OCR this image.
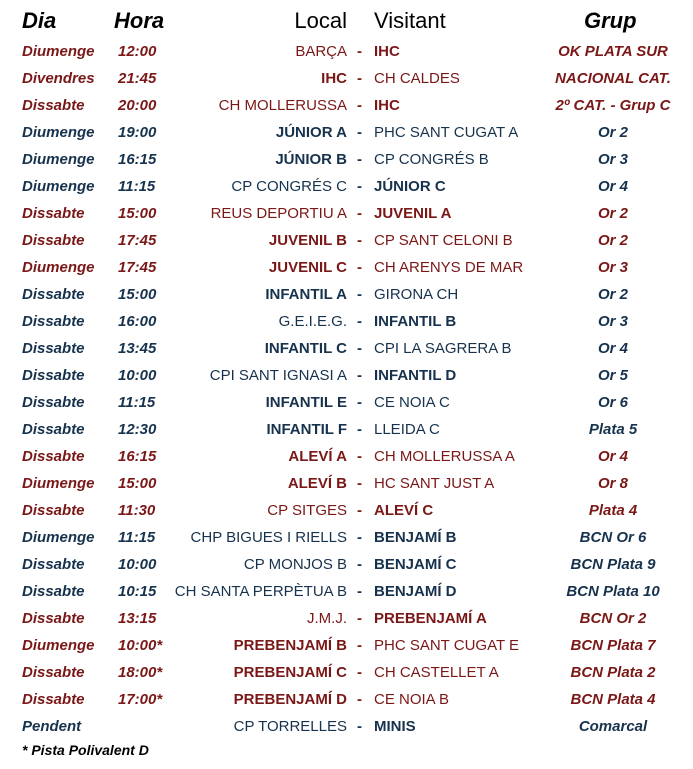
Dia	Hora	Local Visitant	Grup
Diumenge 12:00	BARÇA - IHC	OK PLATA SUR
Divendres 21:45	IHC - CH CALDES	NACIONAL CAT.
Dissabte 20:00	CH MOLLERUSSA - IHC	2º CAT. - Grup C
Diumenge 19:00	JÚNIOR A - PHC SANT CUGAT A	Or 2
Diumenge 16:15	JÚNIOR B - CP CONGRÉS B	Or 3
Diumenge 11:15	CP CONGRÉS C - JÚNIOR C	Or 4
Dissabte 15:00	REUS DEPORTIU A - JUVENIL A	Or 2
Dissabte 17:45	JUVENIL B - CP SANT CELONI B	Or 2
Diumenge 17:45	JUVENIL C - CH ARENYS DE MAR	Or 3
Dissabte 15:00	INFANTIL A - GIRONA CH	Or 2
Dissabte 16:00	G.E.I.E.G. - INFANTIL B	Or 3
Dissabte 13:45	INFANTIL C - CPI LA SAGRERA B	Or 4
Dissabte 10:00	CPI SANT IGNASI A - INFANTIL D	Or 5
Dissabte 11:15	INFANTIL E - CE NOIA C	Or 6
Dissabte 12:30	INFANTIL F - LLEIDA C	Plata 5
Dissabte 16:15	ALEVÍ A - CH MOLLERUSSA A	Or 4
Diumenge 15:00	ALEVÍ B - HC SANT JUST A	Or 8
Dissabte 11:30	CP SITGES - ALEVÍ C	Plata 4
Diumenge 11:15 CHP BIGUES I RIELLS - BENJAMÍ B	BCN Or 6
Dissabte 10:00	CP MONJOS B - BENJAMÍ C	BCN Plata 9
Dissabte 10:15 CH SANTA PERPÈTUA B - BENJAMÍ D	BCN Plata 10
Dissabte 13:15	J.M.J. - PREBENJAMÍ A	BCN Or 2
Diumenge 10:00*	PREBENJAMÍ B - PHC SANT CUGAT E	BCN Plata 7
Dissabte 18:00*	PREBENJAMÍ C - CH CASTELLET A	BCN Plata 2
Dissabte 17:00*	PREBENJAMÍ D - CE NOIA B	BCN Plata 4
Pendent	CP TORRELLES - MINIS	Comarcal
* Pista Polivalent D
